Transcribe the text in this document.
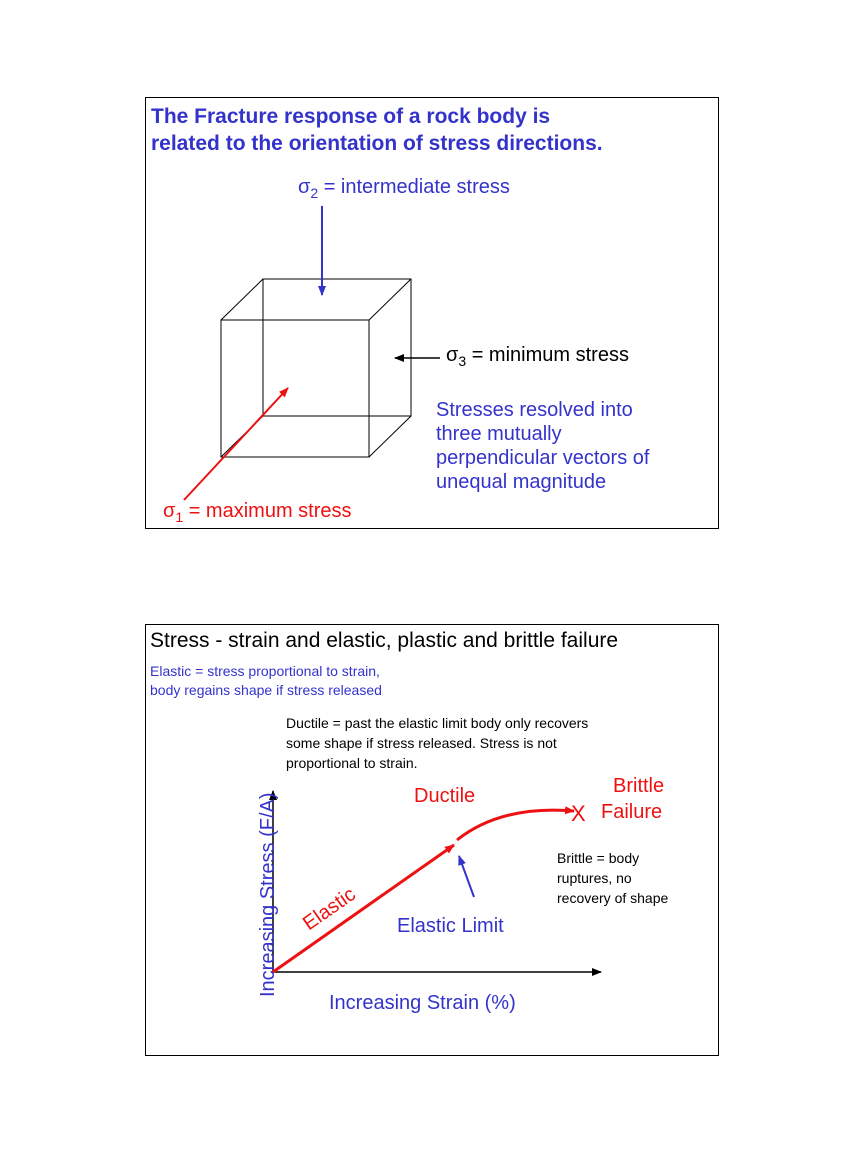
The Fracture response of a rock body is
related to the orientation of stress directions.
$\sigma_2$ = intermediate stress
$\sigma_3$ = minimum stress
$\sigma_1$ = maximum stress
Stresses resolved into
three mutually
perpendicular vectors of
unequal magnitude
Stress - strain and elastic, plastic and brittle failure
Elastic = stress proportional to strain,
body regains shape if stress released
Ductile = past the elastic limit body only recovers
some shape if stress released. Stress is not
proportional to strain.
Ductile	Brittle
Failure
X
Brittle = body
ruptures, no
recovery of shape
Elastic Elastic Limit
Increasing Stress (F/A)
Increasing Strain (%)
